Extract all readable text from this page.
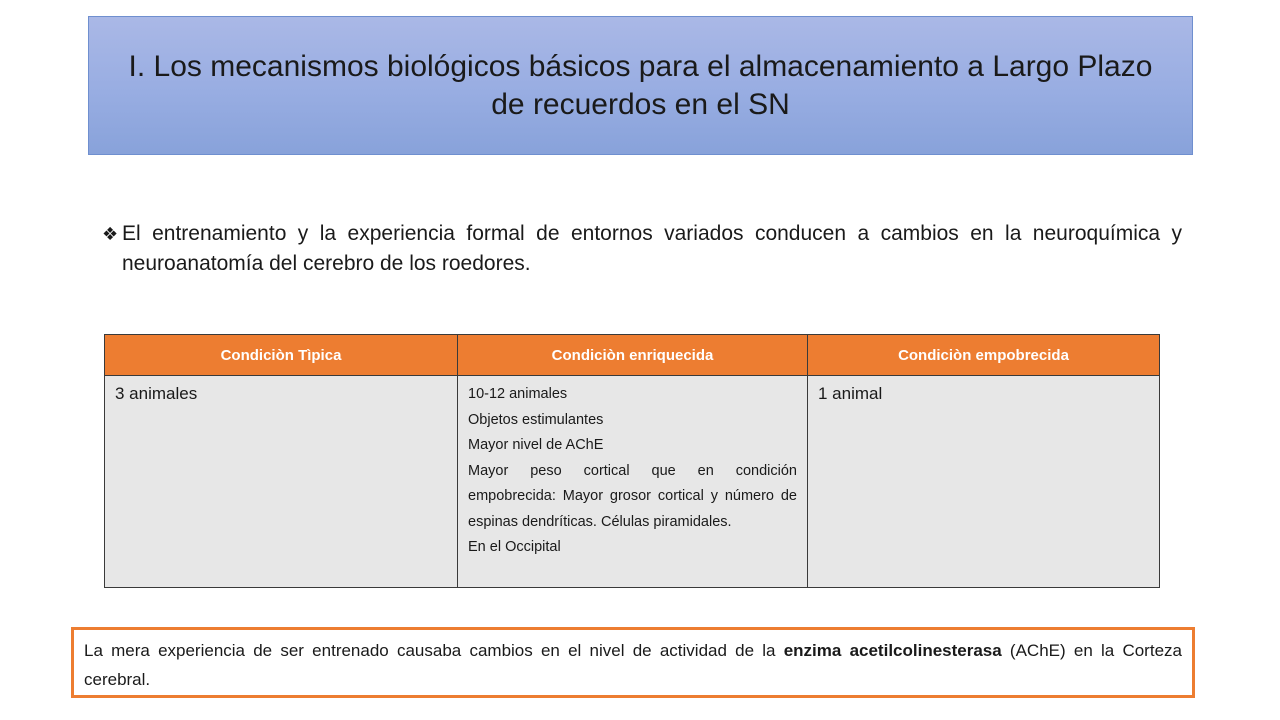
I. Los mecanismos biológicos básicos para el almacenamiento a Largo Plazo de recuerdos en el SN
❖ El entrenamiento y la experiencia formal de entornos variados conducen a cambios en la neuroquímica y neuroanatomía del cerebro de los roedores.
Condiciòn Tìpica	Condiciòn enriquecida	Condiciòn empobrecida
3 animales	10-12 animales
Objetos estimulantes
Mayor nivel de AChE
Mayor peso cortical que en condición empobrecida: Mayor grosor cortical y número de espinas dendríticas. Células piramidales.
En el Occipital	1 animal
La mera experiencia de ser entrenado causaba cambios en el nivel de actividad de la enzima acetilcolinesterasa (AChE) en la Corteza cerebral.
